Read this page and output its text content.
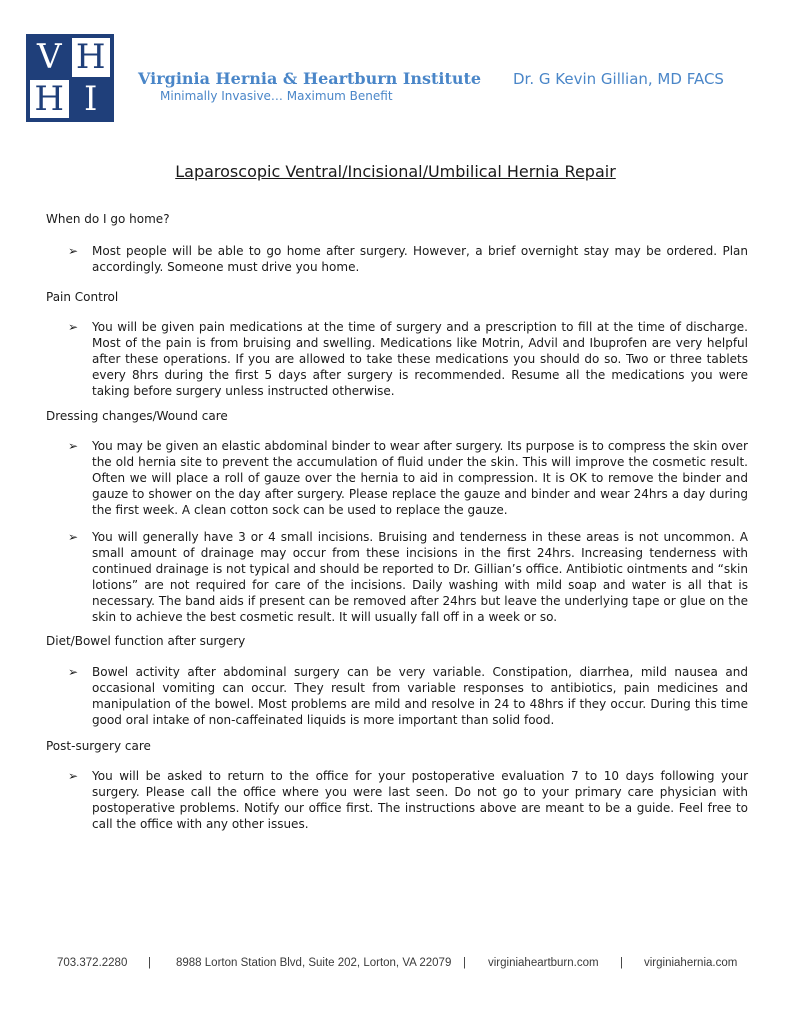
V H
H I
Virginia Hernia & Heartburn Institute
Minimally Invasive… Maximum Benefit
Dr. G Kevin Gillian, MD FACS
Laparoscopic Ventral/Incisional/Umbilical Hernia Repair
When do I go home?
➢ Most people will be able to go home after surgery. However, a brief overnight stay may be ordered. Plan accordingly. Someone must drive you home.
Pain Control
➢ You will be given pain medications at the time of surgery and a prescription to fill at the time of discharge. Most of the pain is from bruising and swelling. Medications like Motrin, Advil and Ibuprofen are very helpful after these operations. If you are allowed to take these medications you should do so. Two or three tablets every 8hrs during the first 5 days after surgery is recommended. Resume all the medications you were taking before surgery unless instructed otherwise.
Dressing changes/Wound care
➢ You may be given an elastic abdominal binder to wear after surgery. Its purpose is to compress the skin over the old hernia site to prevent the accumulation of fluid under the skin. This will improve the cosmetic result. Often we will place a roll of gauze over the hernia to aid in compression. It is OK to remove the binder and gauze to shower on the day after surgery. Please replace the gauze and binder and wear 24hrs a day during the first week. A clean cotton sock can be used to replace the gauze.
➢ You will generally have 3 or 4 small incisions. Bruising and tenderness in these areas is not uncommon. A small amount of drainage may occur from these incisions in the first 24hrs. Increasing tenderness with continued drainage is not typical and should be reported to Dr. Gillian’s office. Antibiotic ointments and “skin lotions” are not required for care of the incisions. Daily washing with mild soap and water is all that is necessary. The band aids if present can be removed after 24hrs but leave the underlying tape or glue on the skin to achieve the best cosmetic result. It will usually fall off in a week or so.
Diet/Bowel function after surgery
➢ Bowel activity after abdominal surgery can be very variable. Constipation, diarrhea, mild nausea and occasional vomiting can occur. They result from variable responses to antibiotics, pain medicines and manipulation of the bowel. Most problems are mild and resolve in 24 to 48hrs if they occur. During this time good oral intake of non-caffeinated liquids is more important than solid food.
Post-surgery care
➢ You will be asked to return to the office for your postoperative evaluation 7 to 10 days following your surgery. Please call the office where you were last seen. Do not go to your primary care physician with postoperative problems. Notify our office first. The instructions above are meant to be a guide. Feel free to call the office with any other issues.
703.372.2280 | 8988 Lorton Station Blvd, Suite 202, Lorton, VA 22079 | virginiaheartburn.com | virginiahernia.com
